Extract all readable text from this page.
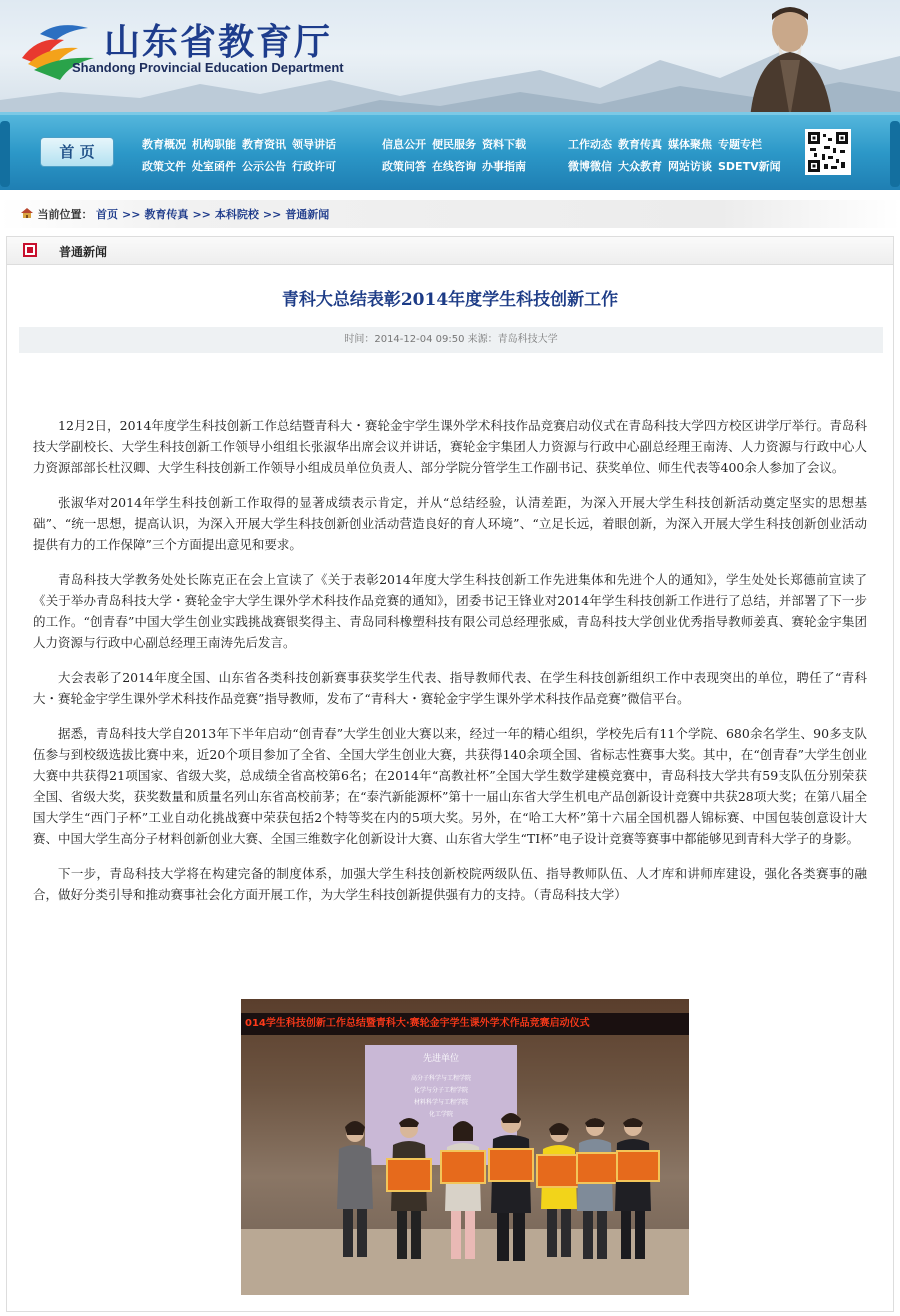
山东省教育厅
Shandong Provincial Education Department
首 页	教育概况 机构职能 教育资讯 领导讲话
政策文件 处室函件 公示公告 行政许可
信息公开 便民服务 资料下载
政策问答 在线咨询 办事指南
工作动态 教育传真 媒体聚焦 专题专栏
微博微信 大众教育 网站访谈 SDETV新闻
当前位置： 首页 >> 教育传真 >> 本科院校 >> 普通新闻
普通新闻
青科大总结表彰2014年度学生科技创新工作
时间：2014-12-04 09:50 来源：青岛科技大学

12月2日，2014年度学生科技创新工作总结暨青科大・赛轮金宇学生课外学术科技作品竞赛启动仪式在青岛科技大学四方校区讲学厅举行。青岛科技大学副校长、大学生科技创新工作领导小组组长张淑华出席会议并讲话，赛轮金宇集团人力资源与行政中心副总经理王南涛、人力资源与行政中心人力资源部部长杜汉卿、大学生科技创新工作领导小组成员单位负责人、部分学院分管学生工作副书记、获奖单位、师生代表等400余人参加了会议。

张淑华对2014年学生科技创新工作取得的显著成绩表示肯定，并从“总结经验，认清差距，为深入开展大学生科技创新活动奠定坚实的思想基础”、“统一思想，提高认识，为深入开展大学生科技创新创业活动营造良好的育人环境”、“立足长远，着眼创新，为深入开展大学生科技创新创业活动提供有力的工作保障”三个方面提出意见和要求。

青岛科技大学教务处处长陈克正在会上宣读了《关于表彰2014年度大学生科技创新工作先进集体和先进个人的通知》，学生处处长郑德前宣读了《关于举办青岛科技大学・赛轮金宇大学生课外学术科技作品竞赛的通知》，团委书记王锋业对2014年学生科技创新工作进行了总结，并部署了下一步的工作。“创青春”中国大学生创业实践挑战赛银奖得主、青岛同科橡塑科技有限公司总经理张威，青岛科技大学创业优秀指导教师姜真、赛轮金宇集团人力资源与行政中心副总经理王南涛先后发言。

大会表彰了2014年度全国、山东省各类科技创新赛事获奖学生代表、指导教师代表、在学生科技创新组织工作中表现突出的单位，聘任了“青科大・赛轮金宇学生课外学术科技作品竞赛”指导教师，发布了“青科大・赛轮金宇学生课外学术科技作品竞赛”微信平台。

据悉，青岛科技大学自2013年下半年启动“创青春”大学生创业大赛以来，经过一年的精心组织，学校先后有11个学院、680余名学生、90多支队伍参与到校级选拔比赛中来，近20个项目参加了全省、全国大学生创业大赛，共获得140余项全国、省标志性赛事大奖。其中，在“创青春”大学生创业大赛中共获得21项国家、省级大奖，总成绩全省高校第6名；在2014年“高教社杯”全国大学生数学建模竞赛中，青岛科技大学共有59支队伍分别荣获全国、省级大奖，获奖数量和质量名列山东省高校前茅；在“泰汽新能源杯”第十一届山东省大学生机电产品创新设计竞赛中共获28项大奖；在第八届全国大学生“西门子杯”工业自动化挑战赛中荣获包括2个特等奖在内的5项大奖。另外，在“哈工大杯”第十六届全国机器人锦标赛、中国包装创意设计大赛、中国大学生高分子材料创新创业大赛、全国三维数字化创新设计大赛、山东省大学生“TI杯”电子设计竞赛等赛事中都能够见到青科大学子的身影。

下一步，青岛科技大学将在构建完备的制度体系，加强大学生科技创新校院两级队伍、指导教师队伍、人才库和讲师库建设，强化各类赛事的融合，做好分类引导和推动赛事社会化方面开展工作，为大学生科技创新提供强有力的支持。（青岛科技大学）

014学生科技创新工作总结暨青科大·赛轮金宇学生课外学术作品竞赛启动仪式
先进单位
高分子科学与工程学院
化学与分子工程学院
材料科学与工程学院
化工学院
